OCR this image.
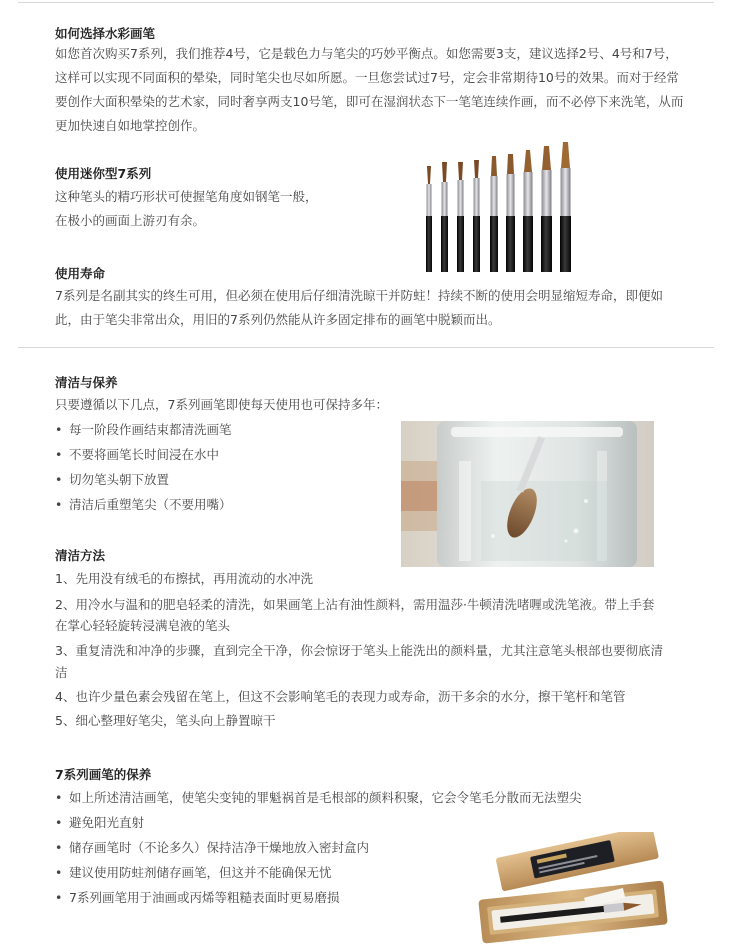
如何选择水彩画笔
如您首次购买7系列，我们推荐4号，它是载色力与笔尖的巧妙平衡点。如您需要3支，建议选择2号、4号和7号，这样可以实现不同面积的晕染，同时笔尖也尽如所愿。一旦您尝试过7号，定会非常期待10号的效果。而对于经常要创作大面积晕染的艺术家，同时奢享两支10号笔，即可在湿润状态下一笔笔连续作画，而不必停下来洗笔，从而更加快速自如地掌控创作。
使用迷你型7系列
这种笔头的精巧形状可使握笔角度如钢笔一般，
在极小的画面上游刃有余。
使用寿命
7系列是名副其实的终生可用，但必须在使用后仔细清洗晾干并防蛀！持续不断的使用会明显缩短寿命，即便如此，由于笔尖非常出众，用旧的7系列仍然能从许多固定排布的画笔中脱颖而出。
清洁与保养
只要遵循以下几点，7系列画笔即使每天使用也可保持多年：
• 每一阶段作画结束都清洗画笔
• 不要将画笔长时间浸在水中
• 切勿笔头朝下放置
• 清洁后重塑笔尖（不要用嘴）
清洁方法
1、先用没有绒毛的布擦拭，再用流动的水冲洗
2、用冷水与温和的肥皂轻柔的清洗，如果画笔上沾有油性颜料，需用温莎·牛顿清洗啫喱或洗笔液。带上手套
在掌心轻轻旋转浸满皂液的笔头
3、重复清洗和冲净的步骤，直到完全干净，你会惊讶于笔头上能洗出的颜料量，尤其注意笔头根部也要彻底清
洁
4、也许少量色素会残留在笔上，但这不会影响笔毛的表现力或寿命，沥干多余的水分，擦干笔杆和笔管
5、细心整理好笔尖，笔头向上静置晾干
7系列画笔的保养
• 如上所述清洁画笔，使笔尖变钝的罪魁祸首是毛根部的颜料积聚，它会令笔毛分散而无法塑尖
• 避免阳光直射
• 储存画笔时（不论多久）保持洁净干燥地放入密封盒内
• 建议使用防蛀剂储存画笔，但这并不能确保无忧
• 7系列画笔用于油画或丙烯等粗糙表面时更易磨损
